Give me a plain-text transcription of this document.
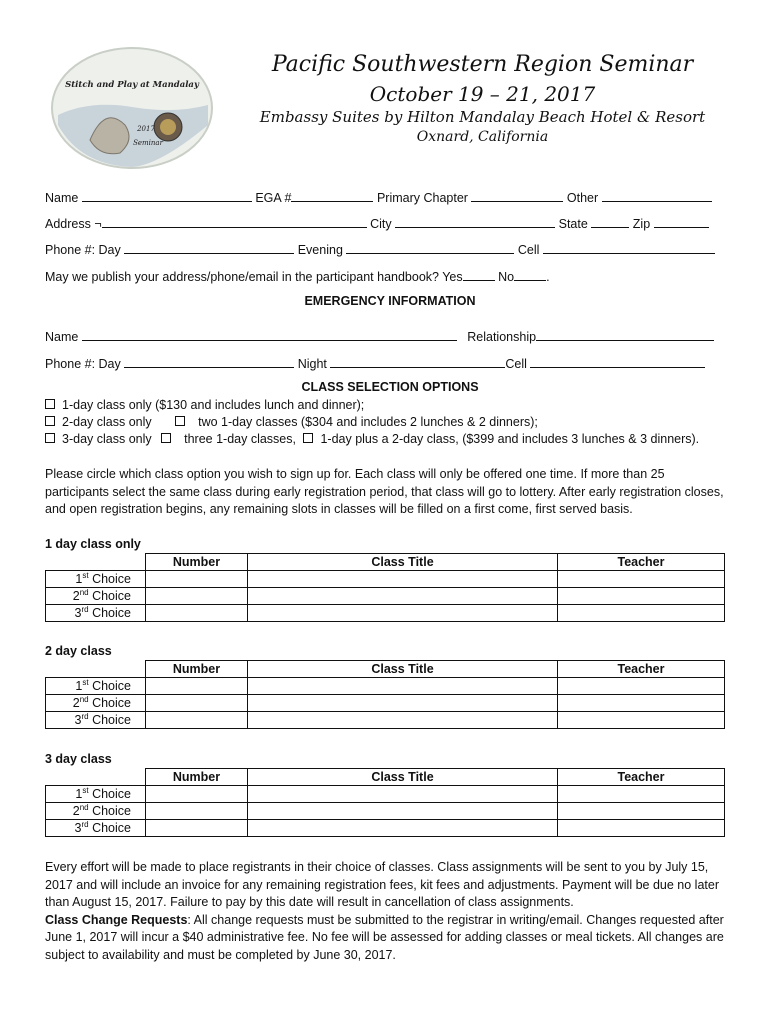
Stitch and Play at Mandalay
2017
Seminar
Pacific Southwestern Region Seminar
October 19 – 21, 2017
Embassy Suites by Hilton Mandalay Beach Hotel & Resort
Oxnard, California
Name	EGA #	Primary Chapter	Other
Address ¬	City	State	Zip
Phone #: Day	Evening	Cell
May we publish your address/phone/email in the participant handbook? Yes	No	.
EMERGENCY INFORMATION
Name	Relationship
Phone #: Day	Night	Cell
CLASS SELECTION OPTIONS
1-day class only ($130 and includes lunch and dinner);
2-day class only	two 1-day classes ($304 and includes 2 lunches & 2 dinners);
3-day class only	three 1-day classes, 1-day plus a 2-day class, ($399 and includes 3 lunches & 3 dinners).
Please circle which class option you wish to sign up for. Each class will only be offered one time. If more than 25 participants select the same class during early registration period, that class will go to lottery. After early registration closes, and open registration begins, any remaining slots in classes will be filled on a first come, first served basis.
1 day class only
	Number	Class Title	Teacher
1st Choice			
2nd Choice			
3rd Choice			
2 day class
	Number	Class Title	Teacher
1st Choice			
2nd Choice			
3rd Choice			
3 day class
	Number	Class Title	Teacher
1st Choice			
2nd Choice			
3rd Choice			
Every effort will be made to place registrants in their choice of classes. Class assignments will be sent to you by July 15, 2017 and will include an invoice for any remaining registration fees, kit fees and adjustments. Payment will be due no later than August 15, 2017. Failure to pay by this date will result in cancellation of class assignments.
Class Change Requests: All change requests must be submitted to the registrar in writing/email. Changes requested after June 1, 2017 will incur a $40 administrative fee. No fee will be assessed for adding classes or meal tickets. All changes are subject to availability and must be completed by June 30, 2017.
